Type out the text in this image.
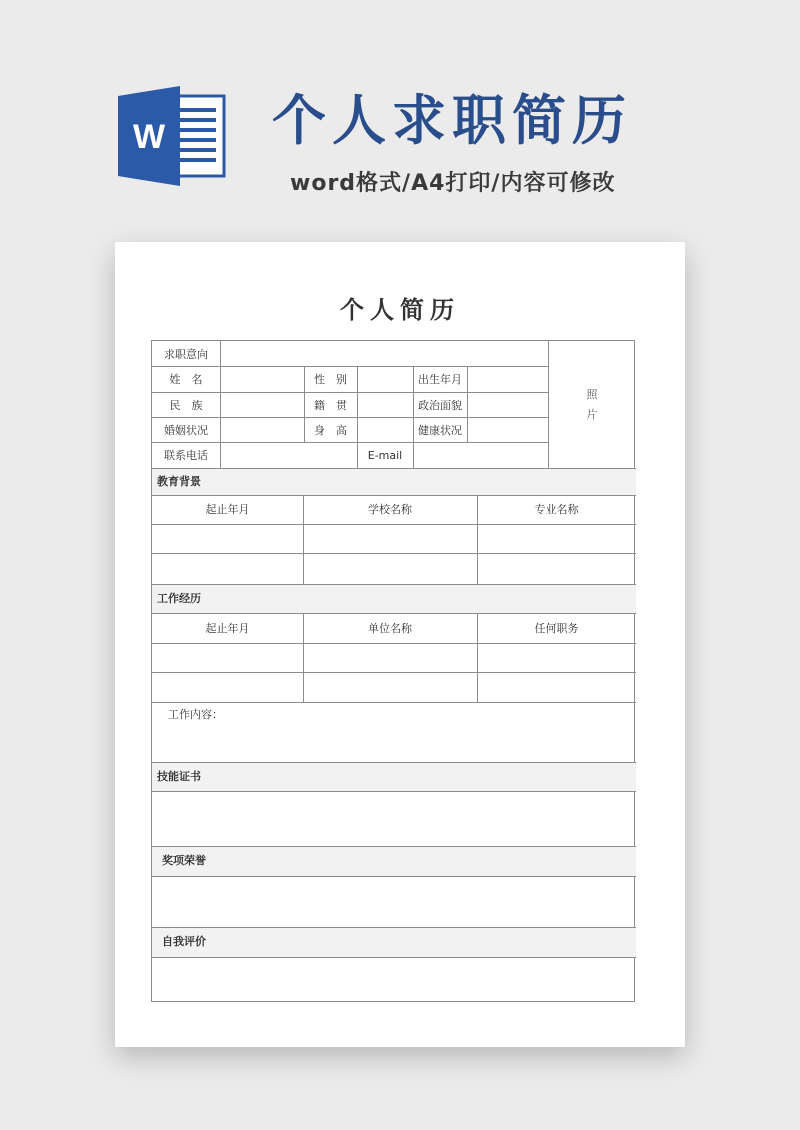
W 个人求职简历
word格式/A4打印/内容可修改
个人简历
求职意向
姓　名	性　别	出生年月
民　族	籍　贯	政治面貌
婚姻状况	身　高	健康状况
联系电话	E-mail
照
片
教育背景
起止年月	学校名称	专业名称
工作经历
起止年月	单位名称	任何职务
工作内容：
技能证书
奖项荣誉
自我评价
